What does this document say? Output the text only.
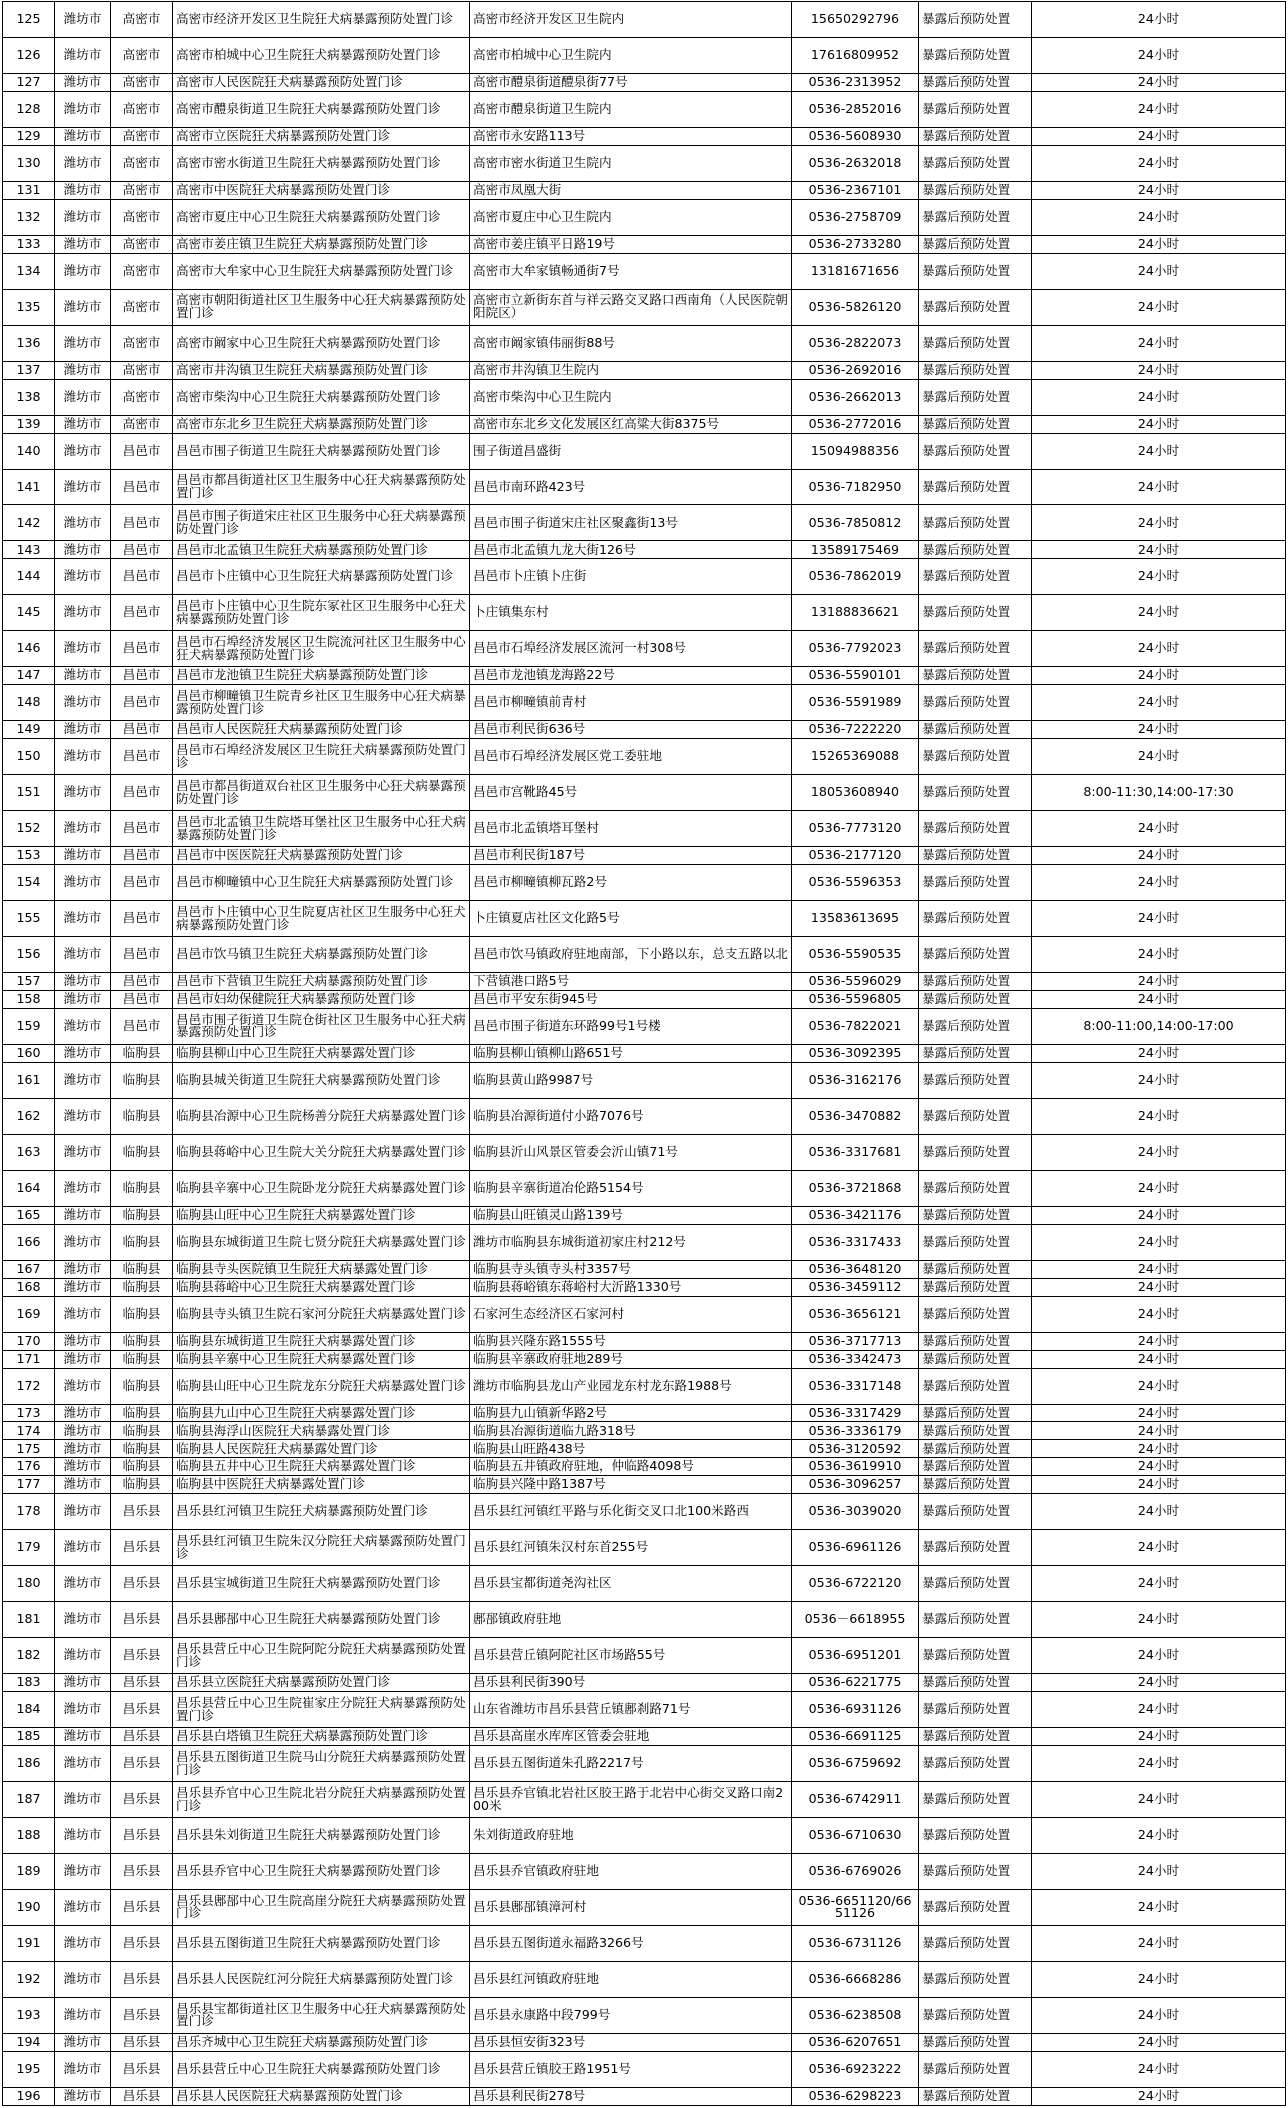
125	潍坊市	高密市	高密市经济开发区卫生院狂犬病暴露预防处置门诊	高密市经济开发区卫生院内	15650292796	暴露后预防处置	24小时
126	潍坊市	高密市	高密市柏城中心卫生院狂犬病暴露预防处置门诊	高密市柏城中心卫生院内	17616809952	暴露后预防处置	24小时
127	潍坊市	高密市	高密市人民医院狂犬病暴露预防处置门诊	高密市醴泉街道醴泉街77号	0536-2313952	暴露后预防处置	24小时
128	潍坊市	高密市	高密市醴泉街道卫生院狂犬病暴露预防处置门诊	高密市醴泉街道卫生院内	0536-2852016	暴露后预防处置	24小时
129	潍坊市	高密市	高密市立医院狂犬病暴露预防处置门诊	高密市永安路113号	0536-5608930	暴露后预防处置	24小时
130	潍坊市	高密市	高密市密水街道卫生院狂犬病暴露预防处置门诊	高密市密水街道卫生院内	0536-2632018	暴露后预防处置	24小时
131	潍坊市	高密市	高密市中医院狂犬病暴露预防处置门诊	高密市凤凰大街	0536-2367101	暴露后预防处置	24小时
132	潍坊市	高密市	高密市夏庄中心卫生院狂犬病暴露预防处置门诊	高密市夏庄中心卫生院内	0536-2758709	暴露后预防处置	24小时
133	潍坊市	高密市	高密市姜庄镇卫生院狂犬病暴露预防处置门诊	高密市姜庄镇平日路19号	0536-2733280	暴露后预防处置	24小时
134	潍坊市	高密市	高密市大牟家中心卫生院狂犬病暴露预防处置门诊	高密市大牟家镇畅通街7号	13181671656	暴露后预防处置	24小时
135	潍坊市	高密市	高密市朝阳街道社区卫生服务中心狂犬病暴露预防处置门诊	高密市立新街东首与祥云路交叉路口西南角（人民医院朝阳院区）	0536-5826120	暴露后预防处置	24小时
136	潍坊市	高密市	高密市阚家中心卫生院狂犬病暴露预防处置门诊	高密市阚家镇伟丽街88号	0536-2822073	暴露后预防处置	24小时
137	潍坊市	高密市	高密市井沟镇卫生院狂犬病暴露预防处置门诊	高密市井沟镇卫生院内	0536-2692016	暴露后预防处置	24小时
138	潍坊市	高密市	高密市柴沟中心卫生院狂犬病暴露预防处置门诊	高密市柴沟中心卫生院内	0536-2662013	暴露后预防处置	24小时
139	潍坊市	高密市	高密市东北乡卫生院狂犬病暴露预防处置门诊	高密市东北乡文化发展区红高粱大街8375号	0536-2772016	暴露后预防处置	24小时
140	潍坊市	昌邑市	昌邑市围子街道卫生院狂犬病暴露预防处置门诊	围子街道昌盛街	15094988356	暴露后预防处置	24小时
141	潍坊市	昌邑市	昌邑市都昌街道社区卫生服务中心狂犬病暴露预防处置门诊	昌邑市南环路423号	0536-7182950	暴露后预防处置	24小时
142	潍坊市	昌邑市	昌邑市围子街道宋庄社区卫生服务中心狂犬病暴露预防处置门诊	昌邑市围子街道宋庄社区聚鑫街13号	0536-7850812	暴露后预防处置	24小时
143	潍坊市	昌邑市	昌邑市北孟镇卫生院狂犬病暴露预防处置门诊	昌邑市北孟镇九龙大街126号	13589175469	暴露后预防处置	24小时
144	潍坊市	昌邑市	昌邑市卜庄镇中心卫生院狂犬病暴露预防处置门诊	昌邑市卜庄镇卜庄街	0536-7862019	暴露后预防处置	24小时
145	潍坊市	昌邑市	昌邑市卜庄镇中心卫生院东冢社区卫生服务中心狂犬病暴露预防处置门诊	卜庄镇集东村	13188836621	暴露后预防处置	24小时
146	潍坊市	昌邑市	昌邑市石埠经济发展区卫生院流河社区卫生服务中心狂犬病暴露预防处置门诊	昌邑市石埠经济发展区流河一村308号	0536-7792023	暴露后预防处置	24小时
147	潍坊市	昌邑市	昌邑市龙池镇卫生院狂犬病暴露预防处置门诊	昌邑市龙池镇龙海路22号	0536-5590101	暴露后预防处置	24小时
148	潍坊市	昌邑市	昌邑市柳疃镇卫生院青乡社区卫生服务中心狂犬病暴露预防处置门诊	昌邑市柳疃镇前青村	0536-5591989	暴露后预防处置	24小时
149	潍坊市	昌邑市	昌邑市人民医院狂犬病暴露预防处置门诊	昌邑市利民街636号	0536-7222220	暴露后预防处置	24小时
150	潍坊市	昌邑市	昌邑市石埠经济发展区卫生院狂犬病暴露预防处置门诊	昌邑市石埠经济发展区党工委驻地	15265369088	暴露后预防处置	24小时
151	潍坊市	昌邑市	昌邑市都昌街道双台社区卫生服务中心狂犬病暴露预防处置门诊	昌邑市宫靴路45号	18053608940	暴露后预防处置	8:00-11:30,14:00-17:30
152	潍坊市	昌邑市	昌邑市北孟镇卫生院塔耳堡社区卫生服务中心狂犬病暴露预防处置门诊	昌邑市北孟镇塔耳堡村	0536-7773120	暴露后预防处置	24小时
153	潍坊市	昌邑市	昌邑市中医医院狂犬病暴露预防处置门诊	昌邑市利民街187号	0536-2177120	暴露后预防处置	24小时
154	潍坊市	昌邑市	昌邑市柳疃镇中心卫生院狂犬病暴露预防处置门诊	昌邑市柳疃镇柳瓦路2号	0536-5596353	暴露后预防处置	24小时
155	潍坊市	昌邑市	昌邑市卜庄镇中心卫生院夏店社区卫生服务中心狂犬病暴露预防处置门诊	卜庄镇夏店社区文化路5号	13583613695	暴露后预防处置	24小时
156	潍坊市	昌邑市	昌邑市饮马镇卫生院狂犬病暴露预防处置门诊	昌邑市饮马镇政府驻地南部，下小路以东，总支五路以北	0536-5590535	暴露后预防处置	24小时
157	潍坊市	昌邑市	昌邑市下营镇卫生院狂犬病暴露预防处置门诊	下营镇港口路5号	0536-5596029	暴露后预防处置	24小时
158	潍坊市	昌邑市	昌邑市妇幼保健院狂犬病暴露预防处置门诊	昌邑市平安东街945号	0536-5596805	暴露后预防处置	24小时
159	潍坊市	昌邑市	昌邑市围子街道卫生院仓街社区卫生服务中心狂犬病暴露预防处置门诊	昌邑市围子街道东环路99号1号楼	0536-7822021	暴露后预防处置	8:00-11:00,14:00-17:00
160	潍坊市	临朐县	临朐县柳山中心卫生院狂犬病暴露处置门诊	临朐县柳山镇柳山路651号	0536-3092395	暴露后预防处置	24小时
161	潍坊市	临朐县	临朐县城关街道卫生院狂犬病暴露预防处置门诊	临朐县黄山路9987号	0536-3162176	暴露后预防处置	24小时
162	潍坊市	临朐县	临朐县冶源中心卫生院杨善分院狂犬病暴露处置门诊	临朐县冶源街道付小路7076号	0536-3470882	暴露后预防处置	24小时
163	潍坊市	临朐县	临朐县蒋峪中心卫生院大关分院狂犬病暴露处置门诊	临朐县沂山风景区管委会沂山镇71号	0536-3317681	暴露后预防处置	24小时
164	潍坊市	临朐县	临朐县辛寨中心卫生院卧龙分院狂犬病暴露处置门诊	临朐县辛寨街道冶伦路5154号	0536-3721868	暴露后预防处置	24小时
165	潍坊市	临朐县	临朐县山旺中心卫生院狂犬病暴露处置门诊	临朐县山旺镇灵山路139号	0536-3421176	暴露后预防处置	24小时
166	潍坊市	临朐县	临朐县东城街道卫生院七贤分院狂犬病暴露处置门诊	潍坊市临朐县东城街道初家庄村212号	0536-3317433	暴露后预防处置	24小时
167	潍坊市	临朐县	临朐县寺头医院镇卫生院狂犬病暴露处置门诊	临朐县寺头镇寺头村3357号	0536-3648120	暴露后预防处置	24小时
168	潍坊市	临朐县	临朐县蒋峪中心卫生院狂犬病暴露处置门诊	临朐县蒋峪镇东蒋峪村大沂路1330号	0536-3459112	暴露后预防处置	24小时
169	潍坊市	临朐县	临朐县寺头镇卫生院石家河分院狂犬病暴露处置门诊	石家河生态经济区石家河村	0536-3656121	暴露后预防处置	24小时
170	潍坊市	临朐县	临朐县东城街道卫生院狂犬病暴露处置门诊	临朐县兴隆东路1555号	0536-3717713	暴露后预防处置	24小时
171	潍坊市	临朐县	临朐县辛寨中心卫生院狂犬病暴露处置门诊	临朐县辛寨政府驻地289号	0536-3342473	暴露后预防处置	24小时
172	潍坊市	临朐县	临朐县山旺中心卫生院龙东分院狂犬病暴露处置门诊	潍坊市临朐县龙山产业园龙东村龙东路1988号	0536-3317148	暴露后预防处置	24小时
173	潍坊市	临朐县	临朐县九山中心卫生院狂犬病暴露处置门诊	临朐县九山镇新华路2号	0536-3317429	暴露后预防处置	24小时
174	潍坊市	临朐县	临朐县海浮山医院狂犬病暴露处置门诊	临朐县冶源街道临九路318号	0536-3336179	暴露后预防处置	24小时
175	潍坊市	临朐县	临朐县人民医院狂犬病暴露处置门诊	临朐县山旺路438号	0536-3120592	暴露后预防处置	24小时
176	潍坊市	临朐县	临朐县五井中心卫生院狂犬病暴露处置门诊	临朐县五井镇政府驻地，仲临路4098号	0536-3619910	暴露后预防处置	24小时
177	潍坊市	临朐县	临朐县中医院狂犬病暴露处置门诊	临朐县兴隆中路1387号	0536-3096257	暴露后预防处置	24小时
178	潍坊市	昌乐县	昌乐县红河镇卫生院狂犬病暴露预防处置门诊	昌乐县红河镇红平路与乐化街交叉口北100米路西	0536-3039020	暴露后预防处置	24小时
179	潍坊市	昌乐县	昌乐县红河镇卫生院朱汉分院狂犬病暴露预防处置门诊	昌乐县红河镇朱汉村东首255号	0536-6961126	暴露后预防处置	24小时
180	潍坊市	昌乐县	昌乐县宝城街道卫生院狂犬病暴露预防处置门诊	昌乐县宝都街道尧沟社区	0536-6722120	暴露后预防处置	24小时
181	潍坊市	昌乐县	昌乐县鄌郚中心卫生院狂犬病暴露预防处置门诊	鄌郚镇政府驻地	0536－6618955	暴露后预防处置	24小时
182	潍坊市	昌乐县	昌乐县营丘中心卫生院阿陀分院狂犬病暴露预防处置门诊	昌乐县营丘镇阿陀社区市场路55号	0536-6951201	暴露后预防处置	24小时
183	潍坊市	昌乐县	昌乐县立医院狂犬病暴露预防处置门诊	昌乐县利民街390号	0536-6221775	暴露后预防处置	24小时
184	潍坊市	昌乐县	昌乐县营丘中心卫生院崔家庄分院狂犬病暴露预防处置门诊	山东省潍坊市昌乐县营丘镇鄌刹路71号	0536-6931126	暴露后预防处置	24小时
185	潍坊市	昌乐县	昌乐县白塔镇卫生院狂犬病暴露预防处置门诊	昌乐县高崖水库库区管委会驻地	0536-6691125	暴露后预防处置	24小时
186	潍坊市	昌乐县	昌乐县五图街道卫生院马山分院狂犬病暴露预防处置门诊	昌乐县五图街道朱孔路2217号	0536-6759692	暴露后预防处置	24小时
187	潍坊市	昌乐县	昌乐县乔官中心卫生院北岩分院狂犬病暴露预防处置门诊	昌乐县乔官镇北岩社区胶王路于北岩中心街交叉路口南200米	0536-6742911	暴露后预防处置	24小时
188	潍坊市	昌乐县	昌乐县朱刘街道卫生院狂犬病暴露预防处置门诊	朱刘街道政府驻地	0536-6710630	暴露后预防处置	24小时
189	潍坊市	昌乐县	昌乐县乔官中心卫生院狂犬病暴露预防处置门诊	昌乐县乔官镇政府驻地	0536-6769026	暴露后预防处置	24小时
190	潍坊市	昌乐县	昌乐县鄌郚中心卫生院高崖分院狂犬病暴露预防处置门诊	昌乐县鄌郚镇漳河村	0536-6651120/6651126	暴露后预防处置	24小时
191	潍坊市	昌乐县	昌乐县五图街道卫生院狂犬病暴露预防处置门诊	昌乐县五图街道永福路3266号	0536-6731126	暴露后预防处置	24小时
192	潍坊市	昌乐县	昌乐县人民医院红河分院狂犬病暴露预防处置门诊	昌乐县红河镇政府驻地	0536-6668286	暴露后预防处置	24小时
193	潍坊市	昌乐县	昌乐县宝都街道社区卫生服务中心狂犬病暴露预防处置门诊	昌乐县永康路中段799号	0536-6238508	暴露后预防处置	24小时
194	潍坊市	昌乐县	昌乐齐城中心卫生院狂犬病暴露预防处置门诊	昌乐县恒安街323号	0536-6207651	暴露后预防处置	24小时
195	潍坊市	昌乐县	昌乐县营丘中心卫生院狂犬病暴露预防处置门诊	昌乐县营丘镇胶王路1951号	0536-6923222	暴露后预防处置	24小时
196	潍坊市	昌乐县	昌乐县人民医院狂犬病暴露预防处置门诊	昌乐县利民街278号	0536-6298223	暴露后预防处置	24小时
